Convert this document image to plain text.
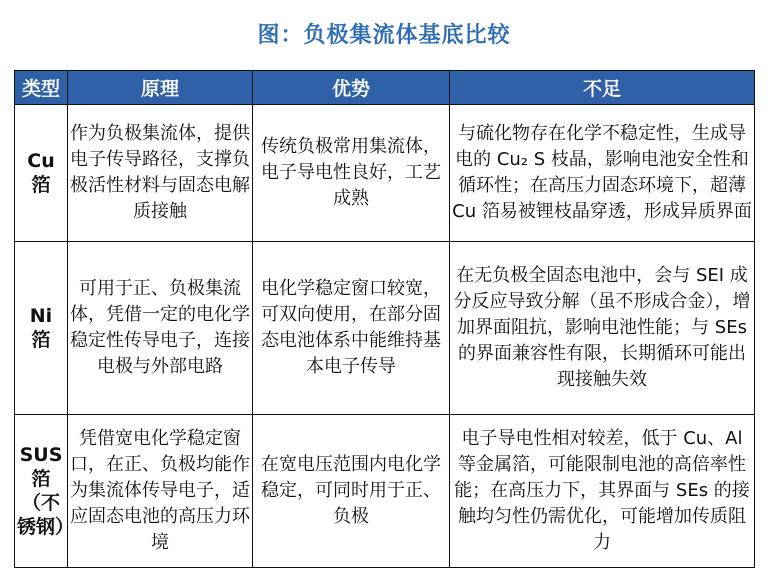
图：负极集流体基底比较
类型	原理	优势	不足
Cu 箔	作为负极集流体，提供电子传导路径，支撑负极活性材料与固态电解质接触	传统负极常用集流体，电子导电性良好，工艺成熟	与硫化物存在化学不稳定性，生成导电的 Cu₂ S 枝晶，影响电池安全性和循环性；在高压力固态环境下，超薄 Cu 箔易被锂枝晶穿透，形成异质界面
Ni 箔	可用于正、负极集流体，凭借一定的电化学稳定性传导电子，连接电极与外部电路	电化学稳定窗口较宽，可双向使用，在部分固态电池体系中能维持基本电子传导	在无负极全固态电池中，会与 SEI 成分反应导致分解（虽不形成合金），增加界面阻抗，影响电池性能；与 SEs 的界面兼容性有限，长期循环可能出现接触失效
SUS 箔（不锈钢）	凭借宽电化学稳定窗口，在正、负极均能作为集流体传导电子，适应固态电池的高压力环境	在宽电压范围内电化学稳定，可同时用于正、负极	电子导电性相对较差，低于 Cu、Al 等金属箔，可能限制电池的高倍率性能；在高压力下，其界面与 SEs 的接触均匀性仍需优化，可能增加传质阻力
